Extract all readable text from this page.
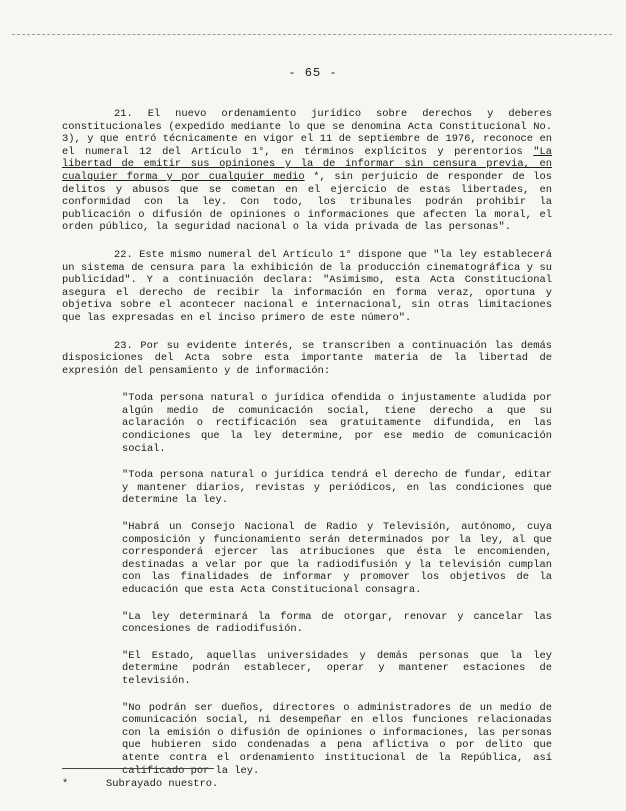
- 65 -

21. El nuevo ordenamiento jurídico sobre derechos y deberes constitucionales (expedido mediante lo que se denomina Acta Constitucional No. 3), y que entró técnicamente en vigor el 11 de septiembre de 1976, reconoce en el numeral 12 del Artículo 1°, en términos explícitos y perentorios "La libertad de emitir sus opiniones y la de informar sin censura previa, en cualquier forma y por cualquier medio *, sin perjuicio de responder de los delitos y abusos que se cometan en el ejercicio de estas libertades, en conformidad con la ley. Con todo, los tribunales podrán prohibir la publicación o difusión de opiniones o informaciones que afecten la moral, el orden público, la seguridad nacional o la vida privada de las personas".

22. Este mismo numeral del Artículo 1° dispone que "la ley establecerá un sistema de censura para la exhibición de la producción cinematográfica y su publicidad". Y a continuación declara: "Asimismo, esta Acta Constitucional asegura el derecho de recibir la información en forma veraz, oportuna y objetiva sobre el acontecer nacional e internacional, sin otras limitaciones que las expresadas en el inciso primero de este número".

23. Por su evidente interés, se transcriben a continuación las demás disposiciones del Acta sobre esta importante materia de la libertad de expresión del pensamiento y de información:

"Toda persona natural o jurídica ofendida o injustamente aludida por algún medio de comunicación social, tiene derecho a que su aclaración o rectificación sea gratuitamente difundida, en las condiciones que la ley determine, por ese medio de comunicación social.

"Toda persona natural o jurídica tendrá el derecho de fundar, editar y mantener diarios, revistas y periódicos, en las condiciones que determine la ley.

"Habrá un Consejo Nacional de Radio y Televisión, autónomo, cuya composición y funcionamiento serán determinados por la ley, al que corresponderá ejercer las atribuciones que ésta le encomienden, destinadas a velar por que la radiodifusión y la televisión cumplan con las finalidades de informar y promover los objetivos de la educación que esta Acta Constitucional consagra.

"La ley determinará la forma de otorgar, renovar y cancelar las concesiones de radiodifusión.

"El Estado, aquellas universidades y demás personas que la ley determine podrán establecer, operar y mantener estaciones de televisión.

"No podrán ser dueños, directores o administradores de un medio de comunicación social, ni desempeñar en ellos funciones relacionadas con la emisión o difusión de opiniones o informaciones, las personas que hubieren sido condenadas a pena aflictiva o por delito que atente contra el ordenamiento institucional de la República, así calificado por la ley.

*	Subrayado nuestro.
